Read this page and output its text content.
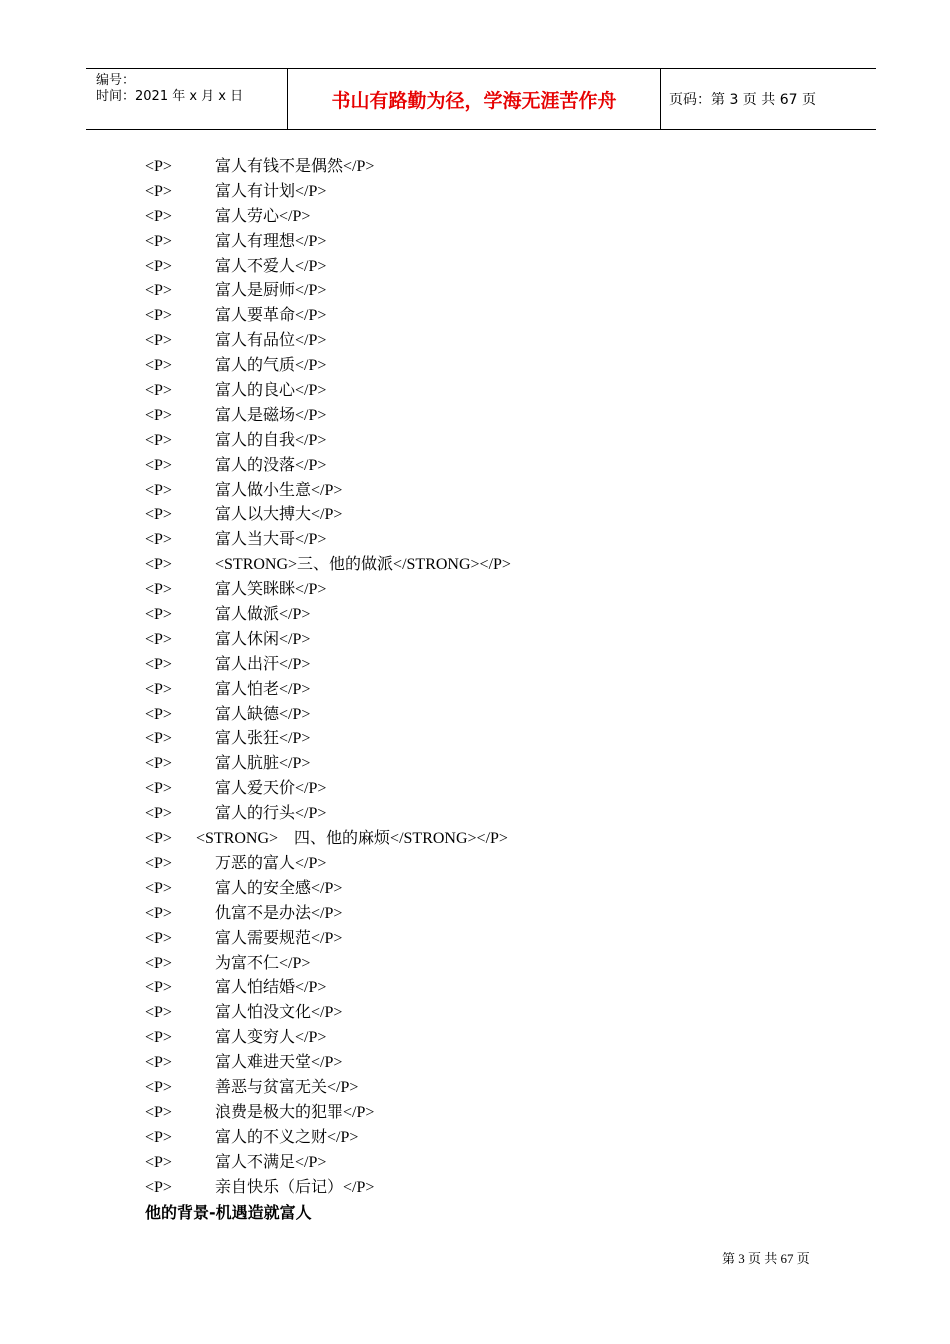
编号：
时间：2021 年 x 月 x 日	书山有路勤为径，学海无涯苦作舟	页码：第 3 页 共 67 页
<P>	富人有钱不是偶然</P>
<P>	富人有计划</P>
<P>	富人劳心</P>
<P>	富人有理想</P>
<P>	富人不爱人</P>
<P>	富人是厨师</P>
<P>	富人要革命</P>
<P>	富人有品位</P>
<P>	富人的气质</P>
<P>	富人的良心</P>
<P>	富人是磁场</P>
<P>	富人的自我</P>
<P>	富人的没落</P>
<P>	富人做小生意</P>
<P>	富人以大搏大</P>
<P>	富人当大哥</P>
<P>	<STRONG>三、他的做派</STRONG></P>
<P>	富人笑眯眯</P>
<P>	富人做派</P>
<P>	富人休闲</P>
<P>	富人出汗</P>
<P>	富人怕老</P>
<P>	富人缺德</P>
<P>	富人张狂</P>
<P>	富人肮脏</P>
<P>	富人爱天价</P>
<P>	富人的行头</P>
<P> <STRONG>　四、他的麻烦</STRONG></P>
<P>	万恶的富人</P>
<P>	富人的安全感</P>
<P>	仇富不是办法</P>
<P>	富人需要规范</P>
<P>	为富不仁</P>
<P>	富人怕结婚</P>
<P>	富人怕没文化</P>
<P>	富人变穷人</P>
<P>	富人难进天堂</P>
<P>	善恶与贫富无关</P>
<P>	浪费是极大的犯罪</P>
<P>	富人的不义之财</P>
<P>	富人不满足</P>
<P>	亲自快乐（后记）</P>
他的背景-机遇造就富人
第 3 页 共 67 页
